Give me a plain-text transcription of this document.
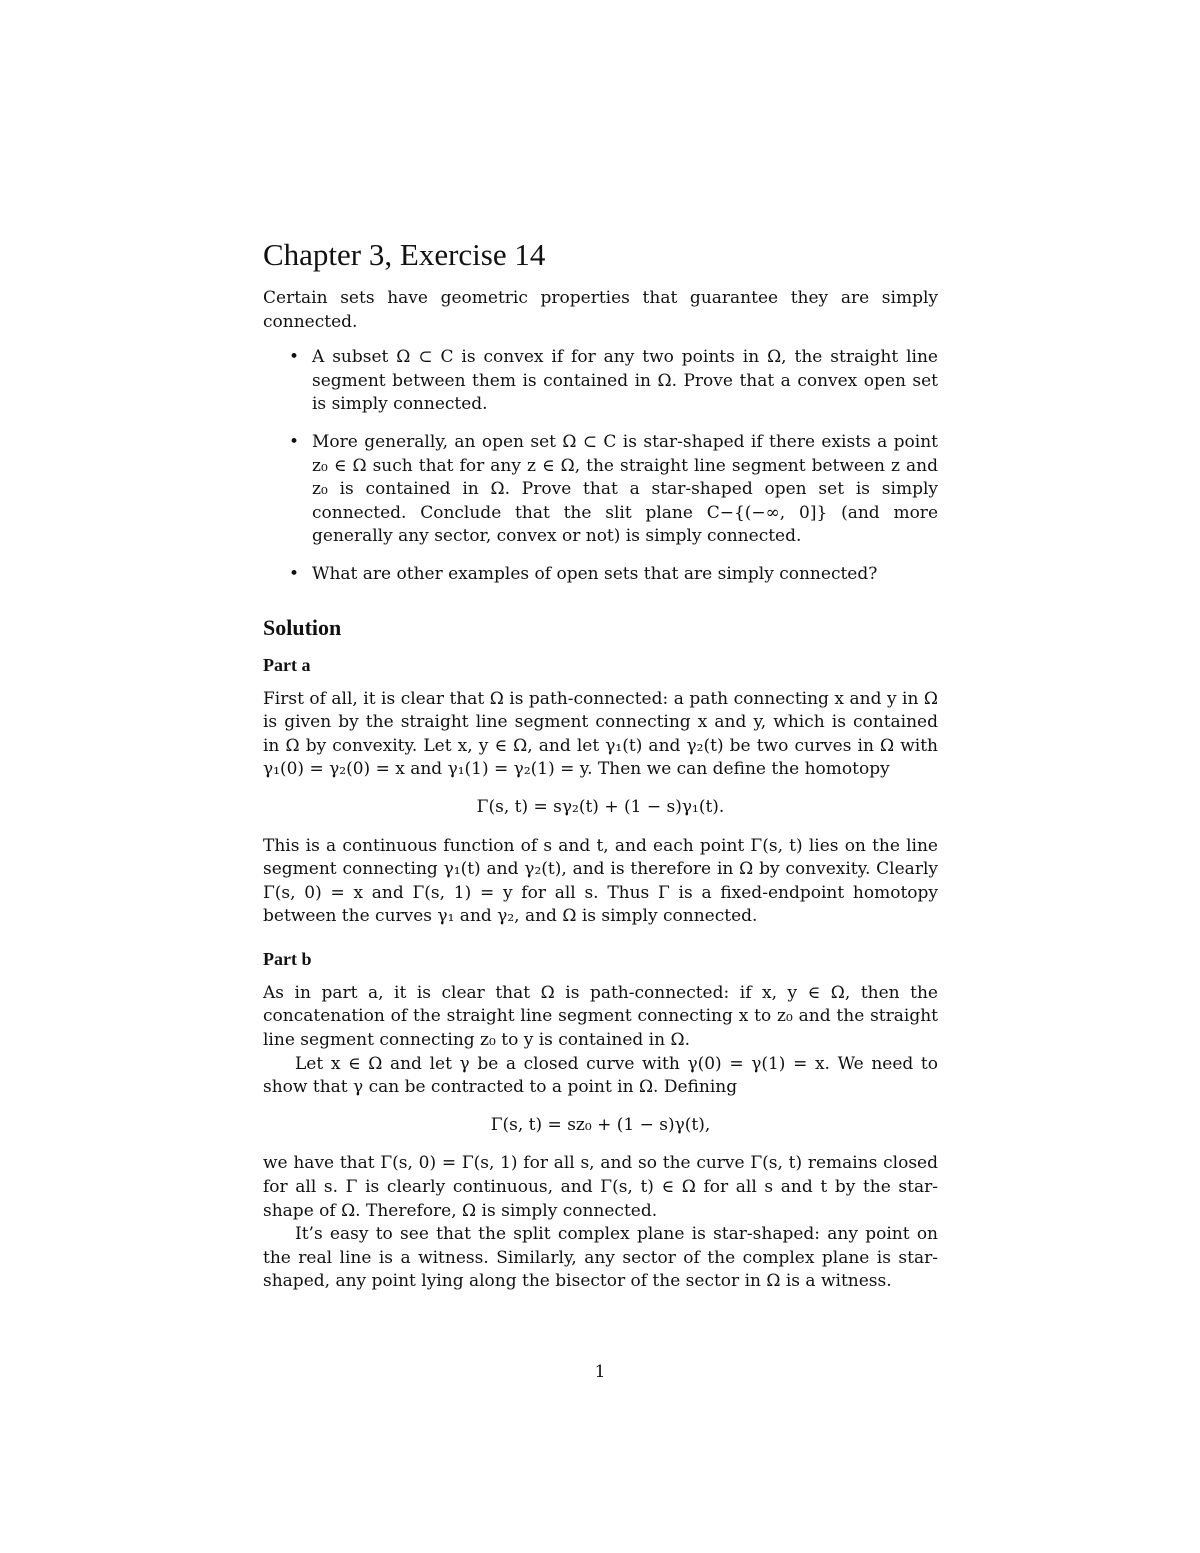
Chapter 3, Exercise 14

Certain sets have geometric properties that guarantee they are simply connected.

• A subset Ω ⊂ C is convex if for any two points in Ω, the straight line segment between them is contained in Ω. Prove that a convex open set is simply connected.
• More generally, an open set Ω ⊂ C is star-shaped if there exists a point z₀ ∈ Ω such that for any z ∈ Ω, the straight line segment between z and z₀ is contained in Ω. Prove that a star-shaped open set is simply connected. Conclude that the slit plane C−{(−∞, 0]} (and more generally any sector, convex or not) is simply connected.
• What are other examples of open sets that are simply connected?
Solution
Part a

First of all, it is clear that Ω is path-connected: a path connecting x and y in Ω is given by the straight line segment connecting x and y, which is contained in Ω by convexity. Let x, y ∈ Ω, and let γ₁(t) and γ₂(t) be two curves in Ω with γ₁(0) = γ₂(0) = x and γ₁(1) = γ₂(1) = y. Then we can define the homotopy

Γ(s, t) = sγ₂(t) + (1 − s)γ₁(t).

This is a continuous function of s and t, and each point Γ(s, t) lies on the line segment connecting γ₁(t) and γ₂(t), and is therefore in Ω by convexity. Clearly Γ(s, 0) = x and Γ(s, 1) = y for all s. Thus Γ is a fixed-endpoint homotopy between the curves γ₁ and γ₂, and Ω is simply connected.

Part b

As in part a, it is clear that Ω is path-connected: if x, y ∈ Ω, then the concatenation of the straight line segment connecting x to z₀ and the straight line segment connecting z₀ to y is contained in Ω.

Let x ∈ Ω and let γ be a closed curve with γ(0) = γ(1) = x. We need to show that γ can be contracted to a point in Ω. Defining

Γ(s, t) = sz₀ + (1 − s)γ(t),

we have that Γ(s, 0) = Γ(s, 1) for all s, and so the curve Γ(s, t) remains closed for all s. Γ is clearly continuous, and Γ(s, t) ∈ Ω for all s and t by the star-shape of Ω. Therefore, Ω is simply connected.

It’s easy to see that the split complex plane is star-shaped: any point on the real line is a witness. Similarly, any sector of the complex plane is star-shaped, any point lying along the bisector of the sector in Ω is a witness.

1
